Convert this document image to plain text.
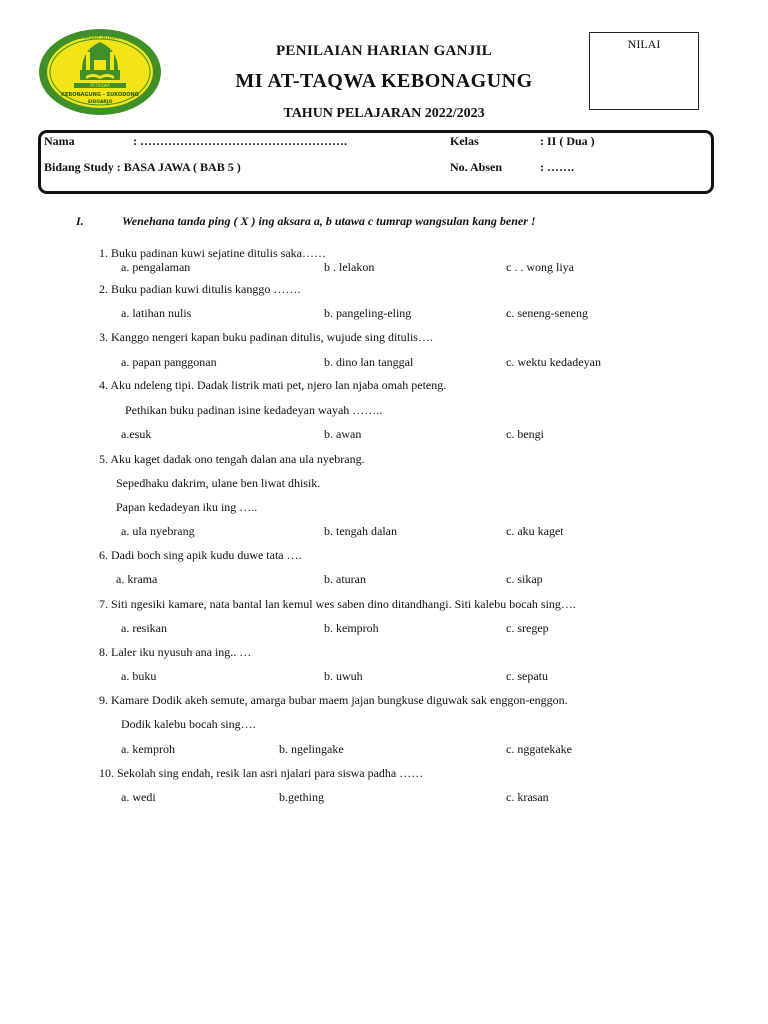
MADRASAH IBTIDAIYAH
AT-TAQWA
KEBONAGUNG - SUKODONO
SIDOARJO
PENILAIAN HARIAN GANJIL
MI AT-TAQWA KEBONAGUNG
TAHUN PELAJARAN 2022/2023
NILAI
Nama	: …………………………………………….	Kelas	: II ( Dua )
Bidang Study : BASA JAWA ( BAB 5 )	No. Absen	: …….
I.	Wenehana tanda ping ( X ) ing aksara a, b utawa c tumrap wangsulan kang bener !
1. Buku padinan kuwi sejatine ditulis saka……
a. pengalaman	b . lelakon	c . . wong liya
2. Buku padian kuwi ditulis kanggo …….
a. latihan nulis	b. pangeling-eling	c. seneng-seneng
3. Kanggo nengeri kapan buku padinan ditulis, wujude sing ditulis….
a. papan panggonan	b. dino lan tanggal	c. wektu kedadeyan
4. Aku ndeleng tipi. Dadak listrik mati pet, njero lan njaba omah peteng.
Pethikan buku padinan isine kedadeyan wayah ……..
a.esuk	b. awan	c. bengi
5. Aku kaget dadak ono tengah dalan ana ula nyebrang.
Sepedhaku dakrim, ulane ben liwat dhisik.
Papan kedadeyan iku ing …..
a. ula nyebrang	b. tengah dalan	c. aku kaget
6. Dadi boch sing apik kudu duwe tata ….
a. krama	b. aturan	c. sikap
7. Siti ngesiki kamare, nata bantal lan kemul wes saben dino ditandhangi. Siti kalebu bocah sing….
a. resikan	b. kemproh	c. sregep
8. Laler iku nyusuh ana ing.. …
a. buku	b. uwuh	c. sepatu
9. Kamare Dodik akeh semute, amarga bubar maem jajan bungkuse diguwak sak enggon-enggon.
Dodik kalebu bocah sing….
a. kemproh	b. ngelingake	c. nggatekake
10. Sekolah sing endah, resik lan asri njalari para siswa padha ……
a. wedi	b.gething	c. krasan
